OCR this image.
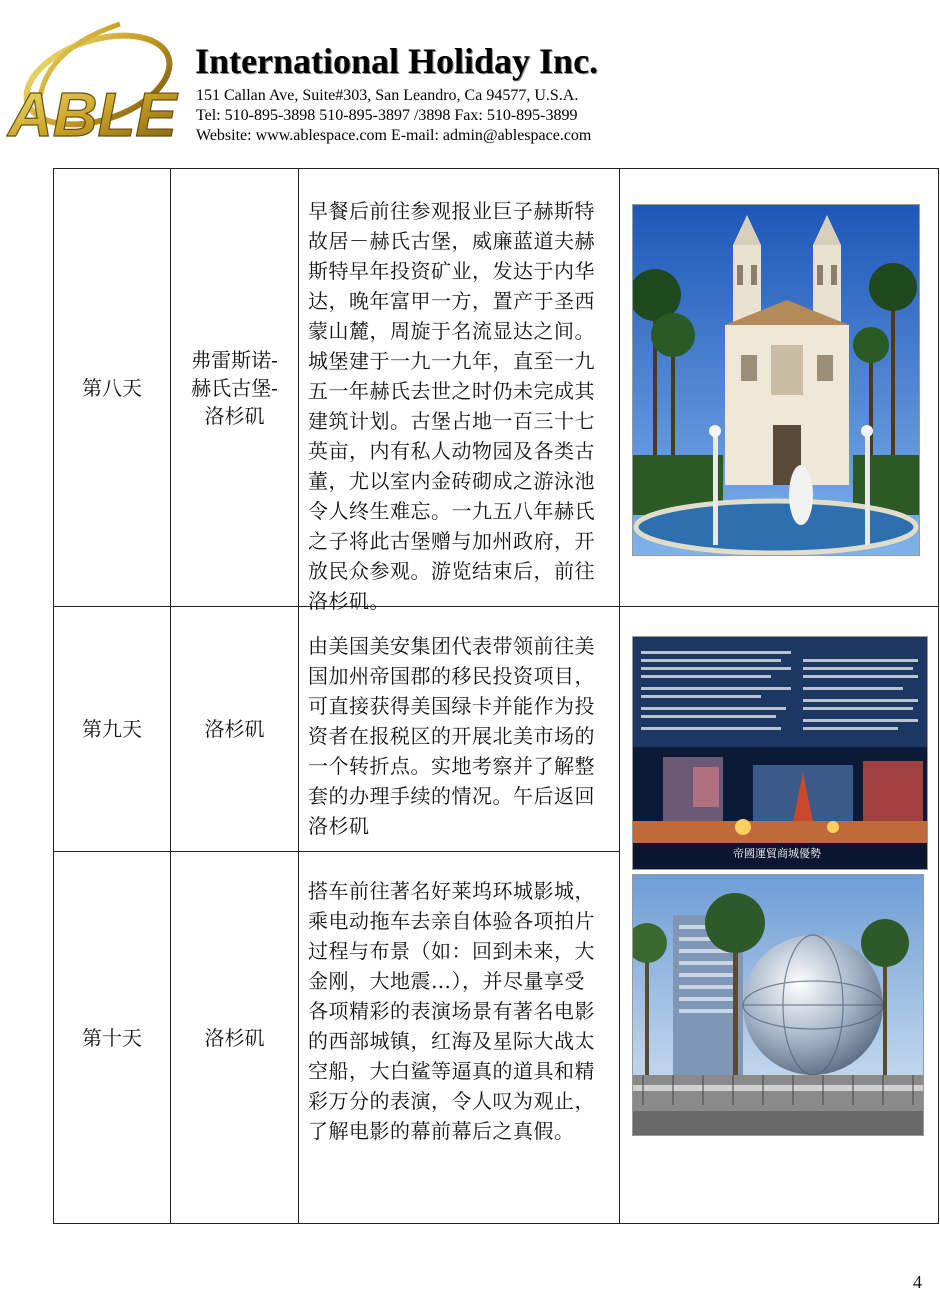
ABLE
International Holiday Inc.
151 Callan Ave, Suite#303, San Leandro, Ca 94577, U.S.A.
Tel: 510-895-3898 510-895-3897 /3898 Fax: 510-895-3899
Website: www.ablespace.com E-mail: admin@ablespace.com
第八天
弗雷斯诺-
赫氏古堡-
洛杉矶
早餐后前往参观报业巨子赫斯特
故居－赫氏古堡，威廉蓝道夫赫
斯特早年投资矿业，发达于内华
达，晚年富甲一方，置产于圣西
蒙山麓，周旋于名流显达之间。
城堡建于一九一九年，直至一九
五一年赫氏去世之时仍未完成其
建筑计划。古堡占地一百三十七
英亩，内有私人动物园及各类古
董，尤以室内金砖砌成之游泳池
令人终生难忘。一九五八年赫氏
之子将此古堡赠与加州政府，开
放民众参观。游览结束后，前往
洛杉矶。
第九天	洛杉矶
由美国美安集团代表带领前往美
国加州帝国郡的移民投资项目，
可直接获得美国绿卡并能作为投
资者在报税区的开展北美市场的
一个转折点。实地考察并了解整
套的办理手续的情况。午后返回
洛杉矶
帝國運貿商城優勢
第十天	洛杉矶
搭车前往著名好莱坞环城影城，
乘电动拖车去亲自体验各项拍片
过程与布景（如：回到未来，大
金刚，大地震…），并尽量享受
各项精彩的表演场景有著名电影
的西部城镇，红海及星际大战太
空船，大白鲨等逼真的道具和精
彩万分的表演，令人叹为观止，
了解电影的幕前幕后之真假。
4
